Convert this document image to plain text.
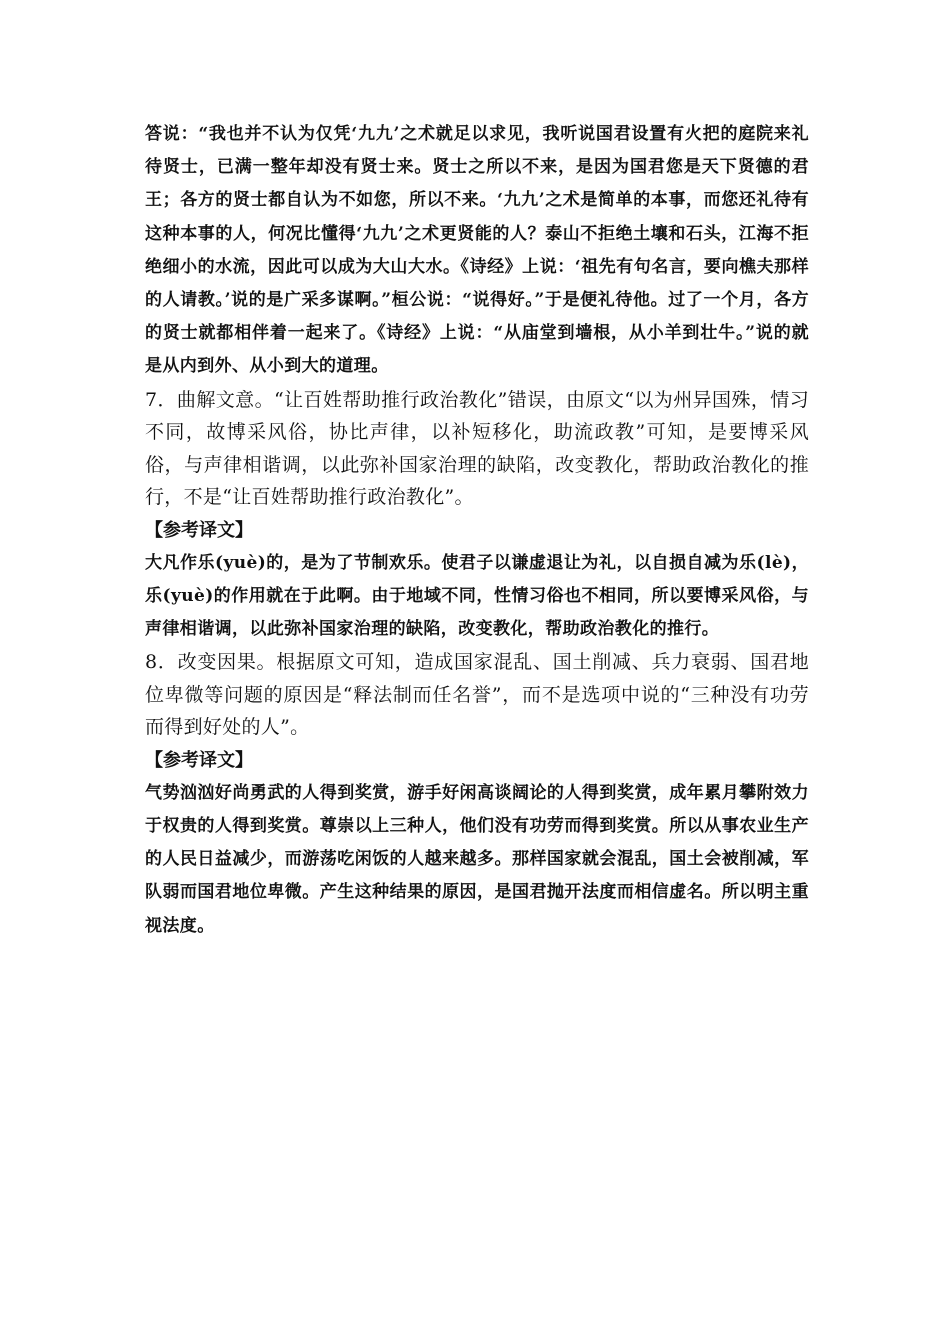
答说：“我也并不认为仅凭‘九九’之术就足以求见，我听说国君设置有火把的庭院来礼待贤士，已满一整年却没有贤士来。贤士之所以不来，是因为国君您是天下贤德的君王；各方的贤士都自认为不如您，所以不来。‘九九’之术是简单的本事，而您还礼待有这种本事的人，何况比懂得‘九九’之术更贤能的人？泰山不拒绝土壤和石头，江海不拒绝细小的水流，因此可以成为大山大水。《诗经》上说：‘祖先有句名言，要向樵夫那样的人请教。’说的是广采多谋啊。”桓公说：“说得好。”于是便礼待他。过了一个月，各方的贤士就都相伴着一起来了。《诗经》上说：“从庙堂到墙根，从小羊到壮牛。”说的就是从内到外、从小到大的道理。

7．曲解文意。“让百姓帮助推行政治教化”错误，由原文“以为州异国殊，情习不同，故博采风俗，协比声律，以补短移化，助流政教”可知，是要博采风俗，与声律相谐调，以此弥补国家治理的缺陷，改变教化，帮助政治教化的推行，不是“让百姓帮助推行政治教化”。

【参考译文】

大凡作乐(yuè)的，是为了节制欢乐。使君子以谦虚退让为礼，以自损自减为乐(lè)，乐(yuè)的作用就在于此啊。由于地域不同，性情习俗也不相同，所以要博采风俗，与声律相谐调，以此弥补国家治理的缺陷，改变教化，帮助政治教化的推行。

8．改变因果。根据原文可知，造成国家混乱、国土削减、兵力衰弱、国君地位卑微等问题的原因是“释法制而任名誉”，而不是选项中说的“三种没有功劳而得到好处的人”。

【参考译文】

气势汹汹好尚勇武的人得到奖赏，游手好闲高谈阔论的人得到奖赏，成年累月攀附效力于权贵的人得到奖赏。尊崇以上三种人，他们没有功劳而得到奖赏。所以从事农业生产的人民日益减少，而游荡吃闲饭的人越来越多。那样国家就会混乱，国土会被削减，军队弱而国君地位卑微。产生这种结果的原因，是国君抛开法度而相信虚名。所以明主重视法度。
